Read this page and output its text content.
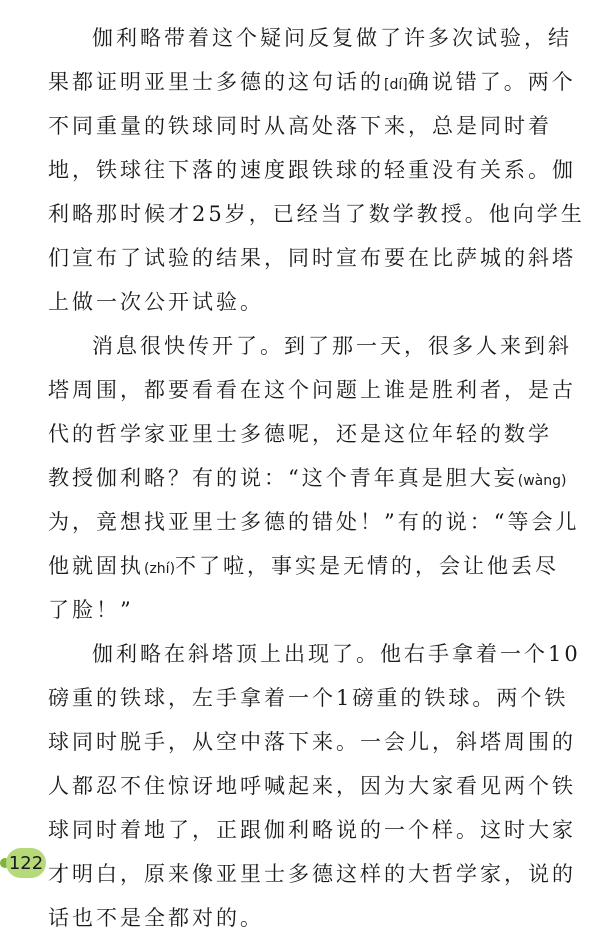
伽利略带着这个疑问反复做了许多次试验，结
果都证明亚里士多德的这句话的[dí]确说错了。两个
不同重量的铁球同时从高处落下来，总是同时着
地，铁球往下落的速度跟铁球的轻重没有关系。伽
利略那时候才25岁，已经当了数学教授。他向学生
们宣布了试验的结果，同时宣布要在比萨城的斜塔
上做一次公开试验。
消息很快传开了。到了那一天，很多人来到斜
塔周围，都要看看在这个问题上谁是胜利者，是古
代的哲学家亚里士多德呢，还是这位年轻的数学
教授伽利略？有的说：“这个青年真是胆大妄(wàng)
为，竟想找亚里士多德的错处！”有的说：“等会儿
他就固执(zhí)不了啦，事实是无情的，会让他丢尽
了脸！”
伽利略在斜塔顶上出现了。他右手拿着一个10
磅重的铁球，左手拿着一个1磅重的铁球。两个铁
球同时脱手，从空中落下来。一会儿，斜塔周围的
人都忍不住惊讶地呼喊起来，因为大家看见两个铁
球同时着地了，正跟伽利略说的一个样。这时大家
才明白，原来像亚里士多德这样的大哲学家，说的
话也不是全都对的。
122
